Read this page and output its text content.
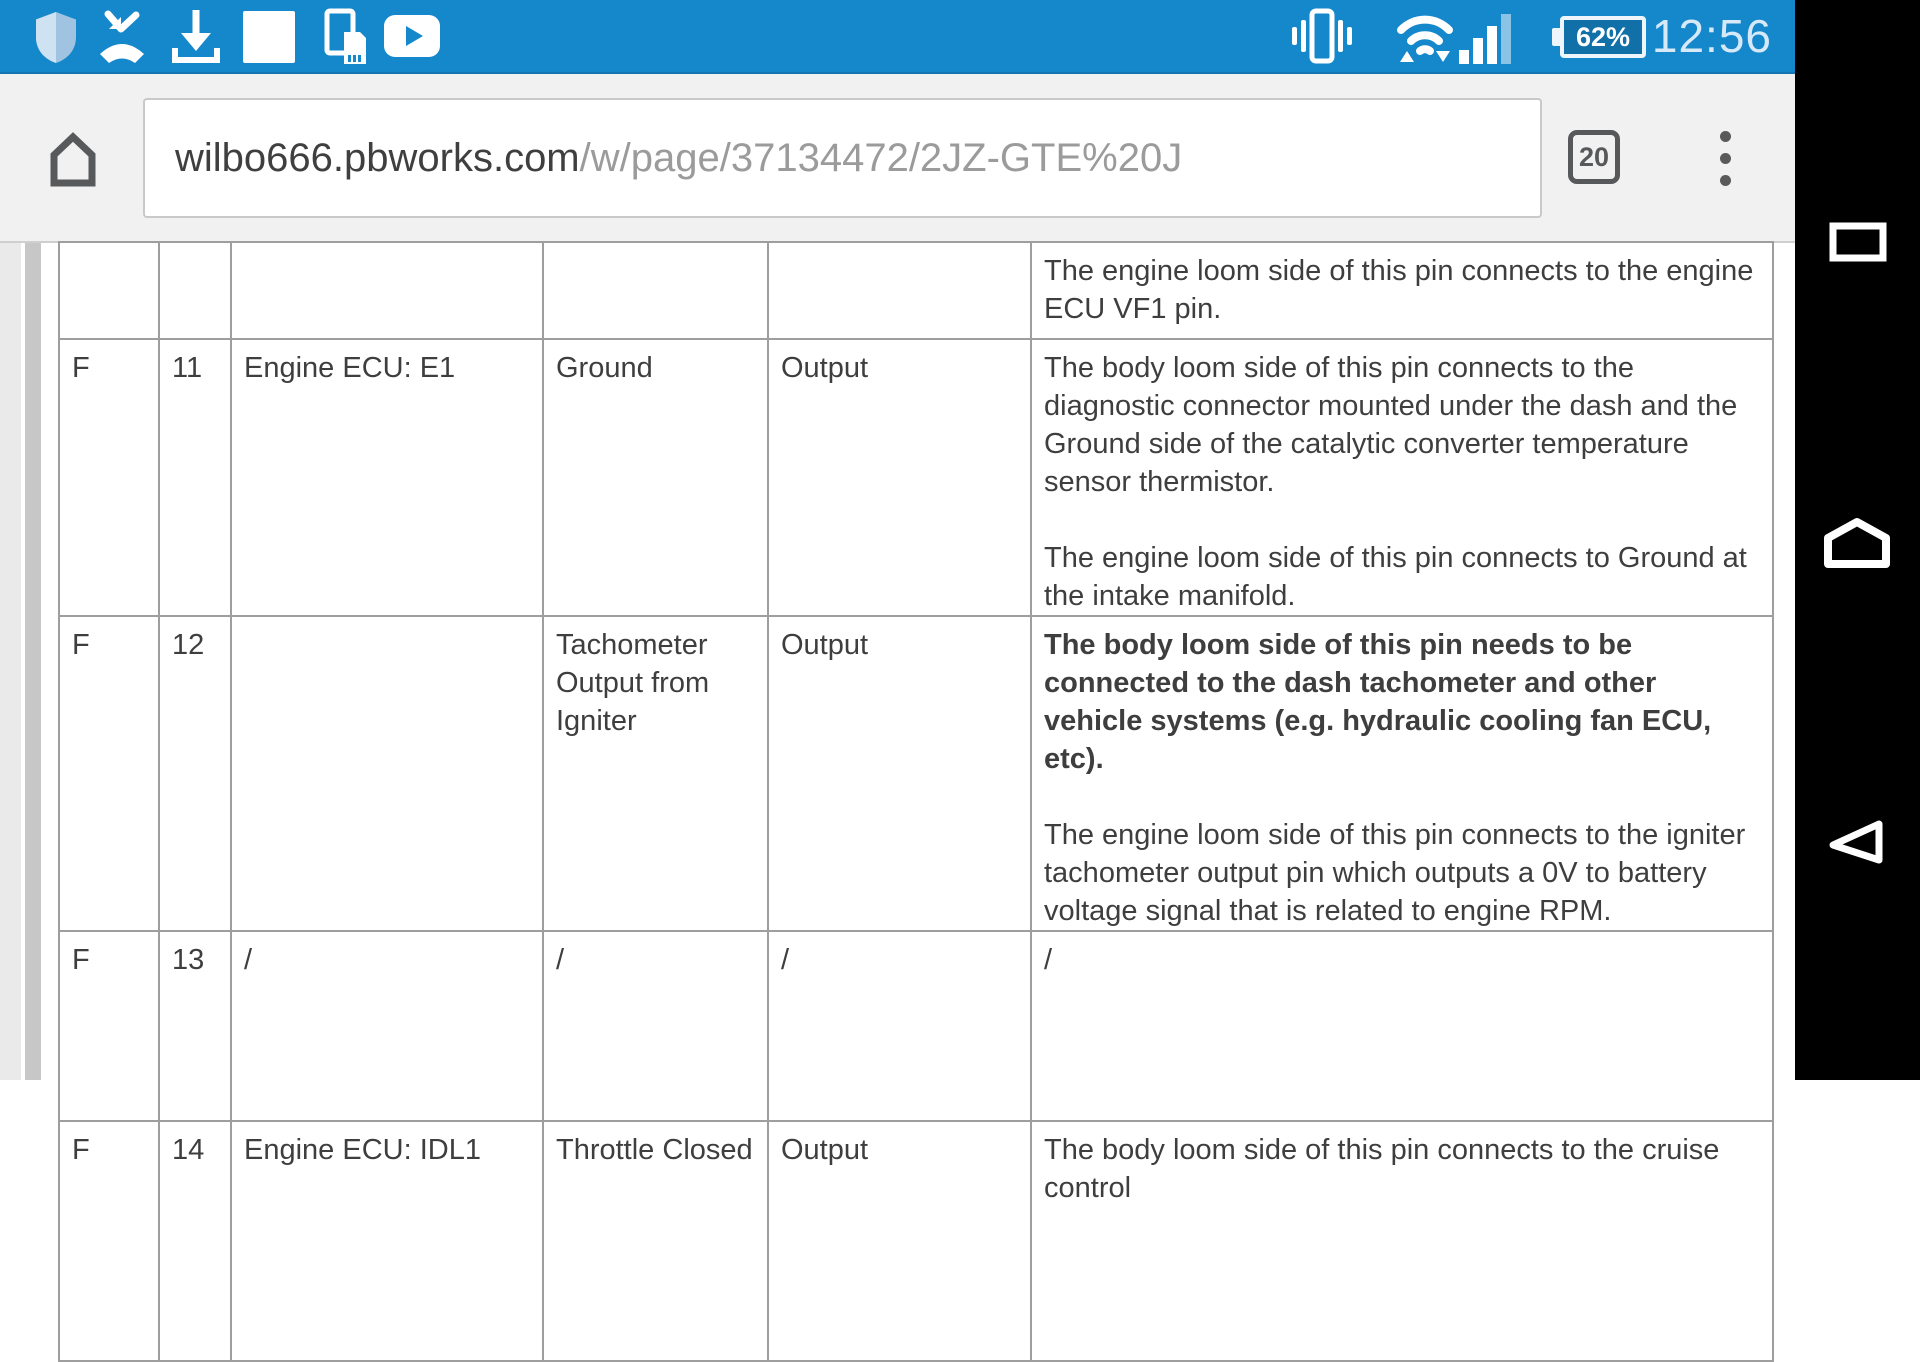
62% 12:56
wilbo666.pbworks.com/w/page/37134472/2JZ-GTE%20J	20

					The engine loom side of this pin connects to the engine ECU VF1 pin.

F	11	Engine ECU: E1	Ground	Output	The body loom side of this pin connects to the diagnostic connector mounted under the dash and the Ground side of the catalytic converter temperature sensor thermistor.

The engine loom side of this pin connects to Ground at the intake manifold.

F	12		Tachometer Output from Igniter	Output	The body loom side of this pin needs to be connected to the dash tachometer and other vehicle systems (e.g. hydraulic cooling fan ECU, etc).

The engine loom side of this pin connects to the igniter tachometer output pin which outputs a 0V to battery voltage signal that is related to engine RPM.

F	13	/	/	/	/

F	14	Engine ECU: IDL1	Throttle Closed	Output	The body loom side of this pin connects to the cruise control
